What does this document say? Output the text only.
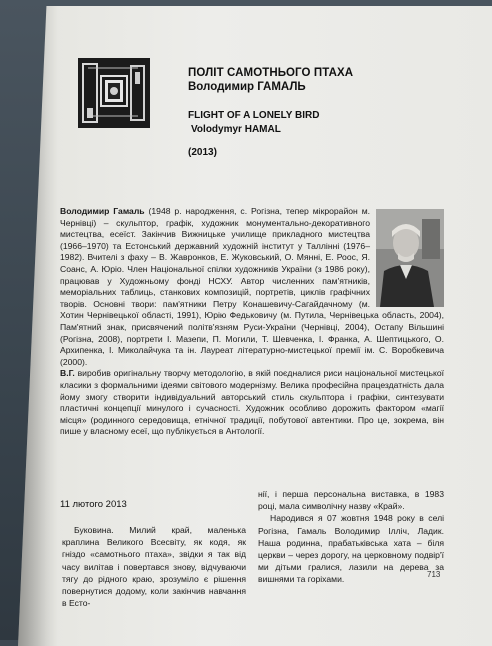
ПОЛІТ САМОТНЬОГО ПТАХА
Володимир ГАМАЛЬ
FLIGHT OF A LONELY BIRD
Volodymyr HAMAL
(2013)

Володимир Гамаль (1948 р. народження, с. Рогізна, тепер мікрорайон м. Чернівці) – скульптор, графік, художник монументально-декоративного мистецтва, есеїст. Закінчив Вижницьке училище прикладного мистецтва (1966–1970) та Естонський державний художній інститут у Таллінні (1976–1982). Вчителі з фаху – В. Жавронков, Е. Жуковський, О. Мянні, Е. Роос, Я. Соанс, А. Юріо. Член Національної спілки художників України (з 1986 року), працював у Художньому фонді НСХУ. Автор численних пам'ятників, меморіальних таблиць, станкових композицій, портретів, циклів графічних творів. Основні твори: пам'ятники Петру Конашевичу-Сагайдачному (м. Хотин Чернівецької області, 1991), Юрію Федьковичу (м. Путила, Чернівецька область, 2004), Пам'ятний знак, присвячений політв'язням Руси-України (Чернівці, 2004), Остапу Вільшині (Рогізна, 2008), портрети І. Мазепи, П. Могили, Т. Шевченка, І. Франка, А. Шептицького, О. Архипенка, І. Миколайчука та ін. Лауреат літературно-мистецької премії ім. С. Воробкевича (2000).

В.Г. виробив оригінальну творчу методологію, в якій поєдналися риси національної мистецької класики з формальними ідеями світового модернізму. Велика професійна працездатність дала йому змогу створити індивідуальний авторський стиль скульптора і графіки, синтезувати пластичні концепції минулого і сучасності. Художник особливо дорожить фактором «магії місця» (родинного середовища, етнічної традиції, побутової автентики. Про це, зокрема, він пише у власному есеї, що публікується в Антології.

11 лютого 2013

Буковина. Милий край, маленька краплина Великого Всесвіту, як кодя, як гніздо «самотнього птаха», звідки я так від часу вилітав і повертався знову, відчуваючи тягу до рідного краю, зрозуміло є рішення повернутися додому, коли закінчив навчання в Есто-

нії, і перша персональна виставка, в 1983 році, мала символічну назву «Край».

Народився я 07 жовтня 1948 року в селі Рогізна, Гамаль Володимир Ілліч, Ладик. Наша родинна, прабатьківська хата – біля церкви – через дорогу, на церковному подвір'ї ми дітьми гралися, лазили на дерева за вишнями та горіхами.	713
